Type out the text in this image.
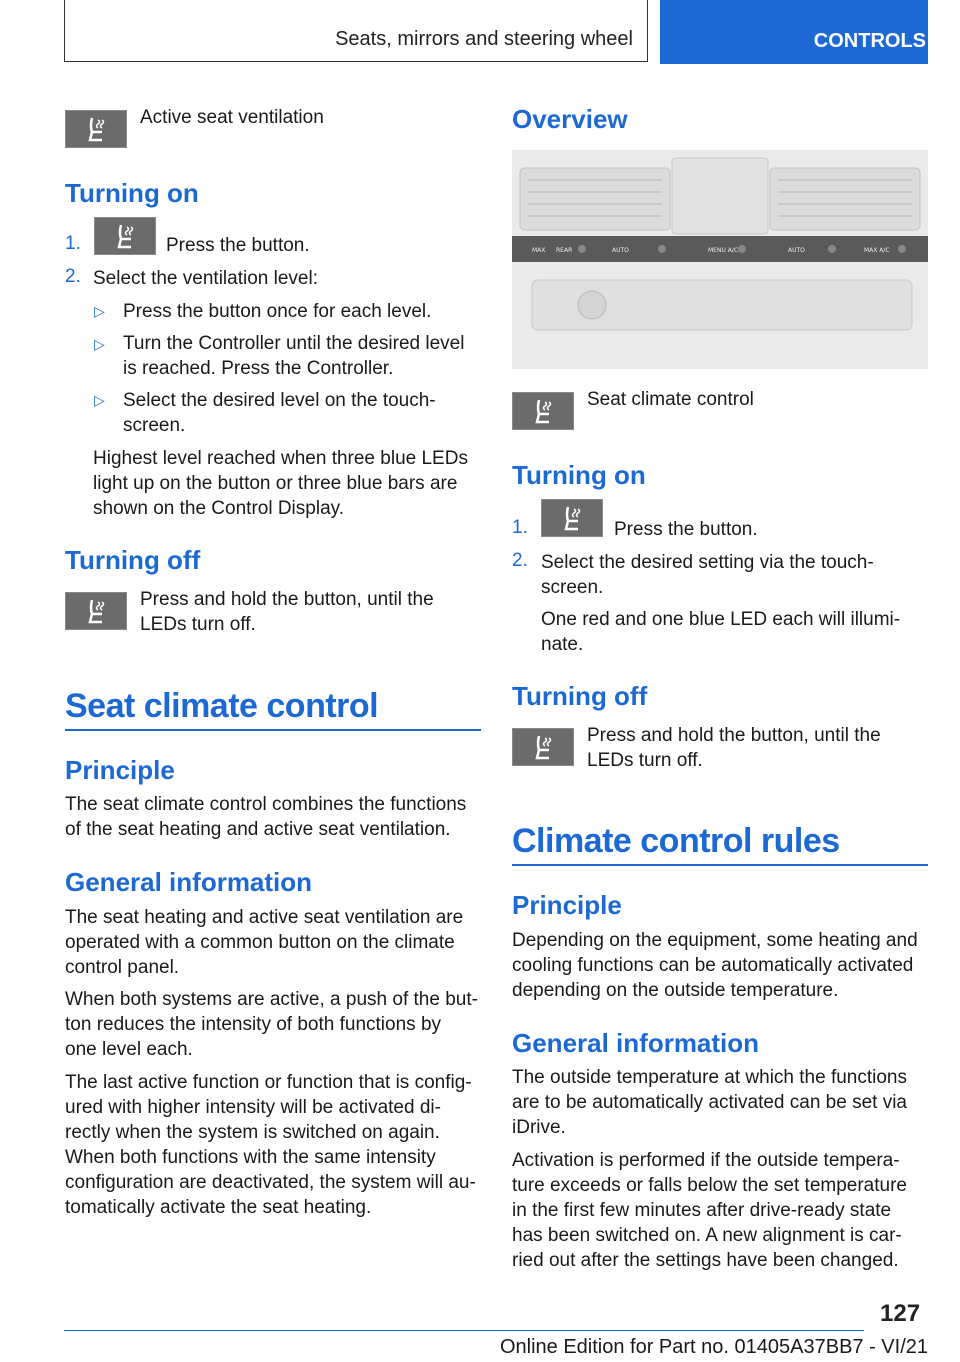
Seats, mirrors and steering wheel	CONTROLS
Active seat ventilation
Turning on
1.	Press the button.
2. Select the ventilation level:
▷ Press the button once for each level.
▷ Turn the Controller until the desired level
is reached. Press the Controller.
▷ Select the desired level on the touch-
screen.
Highest level reached when three blue LEDs
light up on the button or three blue bars are
shown on the Control Display.
Turning off
Press and hold the button, until the
LEDs turn off.
Seat climate control
Principle
The seat climate control combines the functions
of the seat heating and active seat ventilation.
General information
The seat heating and active seat ventilation are
operated with a common button on the climate
control panel.
When both systems are active, a push of the but-
ton reduces the intensity of both functions by
one level each.
The last active function or function that is config-
ured with higher intensity will be activated di-
rectly when the system is switched on again.
When both functions with the same intensity
configuration are deactivated, the system will au-
tomatically activate the seat heating.
Overview
MAX REAR	AUTO	MENU A/C	AUTO	MAX A/C
Seat climate control
Turning on
1.	Press the button.
2. Select the desired setting via the touch-
screen.
One red and one blue LED each will illumi-
nate.
Turning off
Press and hold the button, until the
LEDs turn off.
Climate control rules
Principle
Depending on the equipment, some heating and
cooling functions can be automatically activated
depending on the outside temperature.
General information
The outside temperature at which the functions
are to be automatically activated can be set via
iDrive.
Activation is performed if the outside tempera-
ture exceeds or falls below the set temperature
in the first few minutes after drive-ready state
has been switched on. A new alignment is car-
ried out after the settings have been changed.
127
Online Edition for Part no. 01405A37BB7 - VI/21
